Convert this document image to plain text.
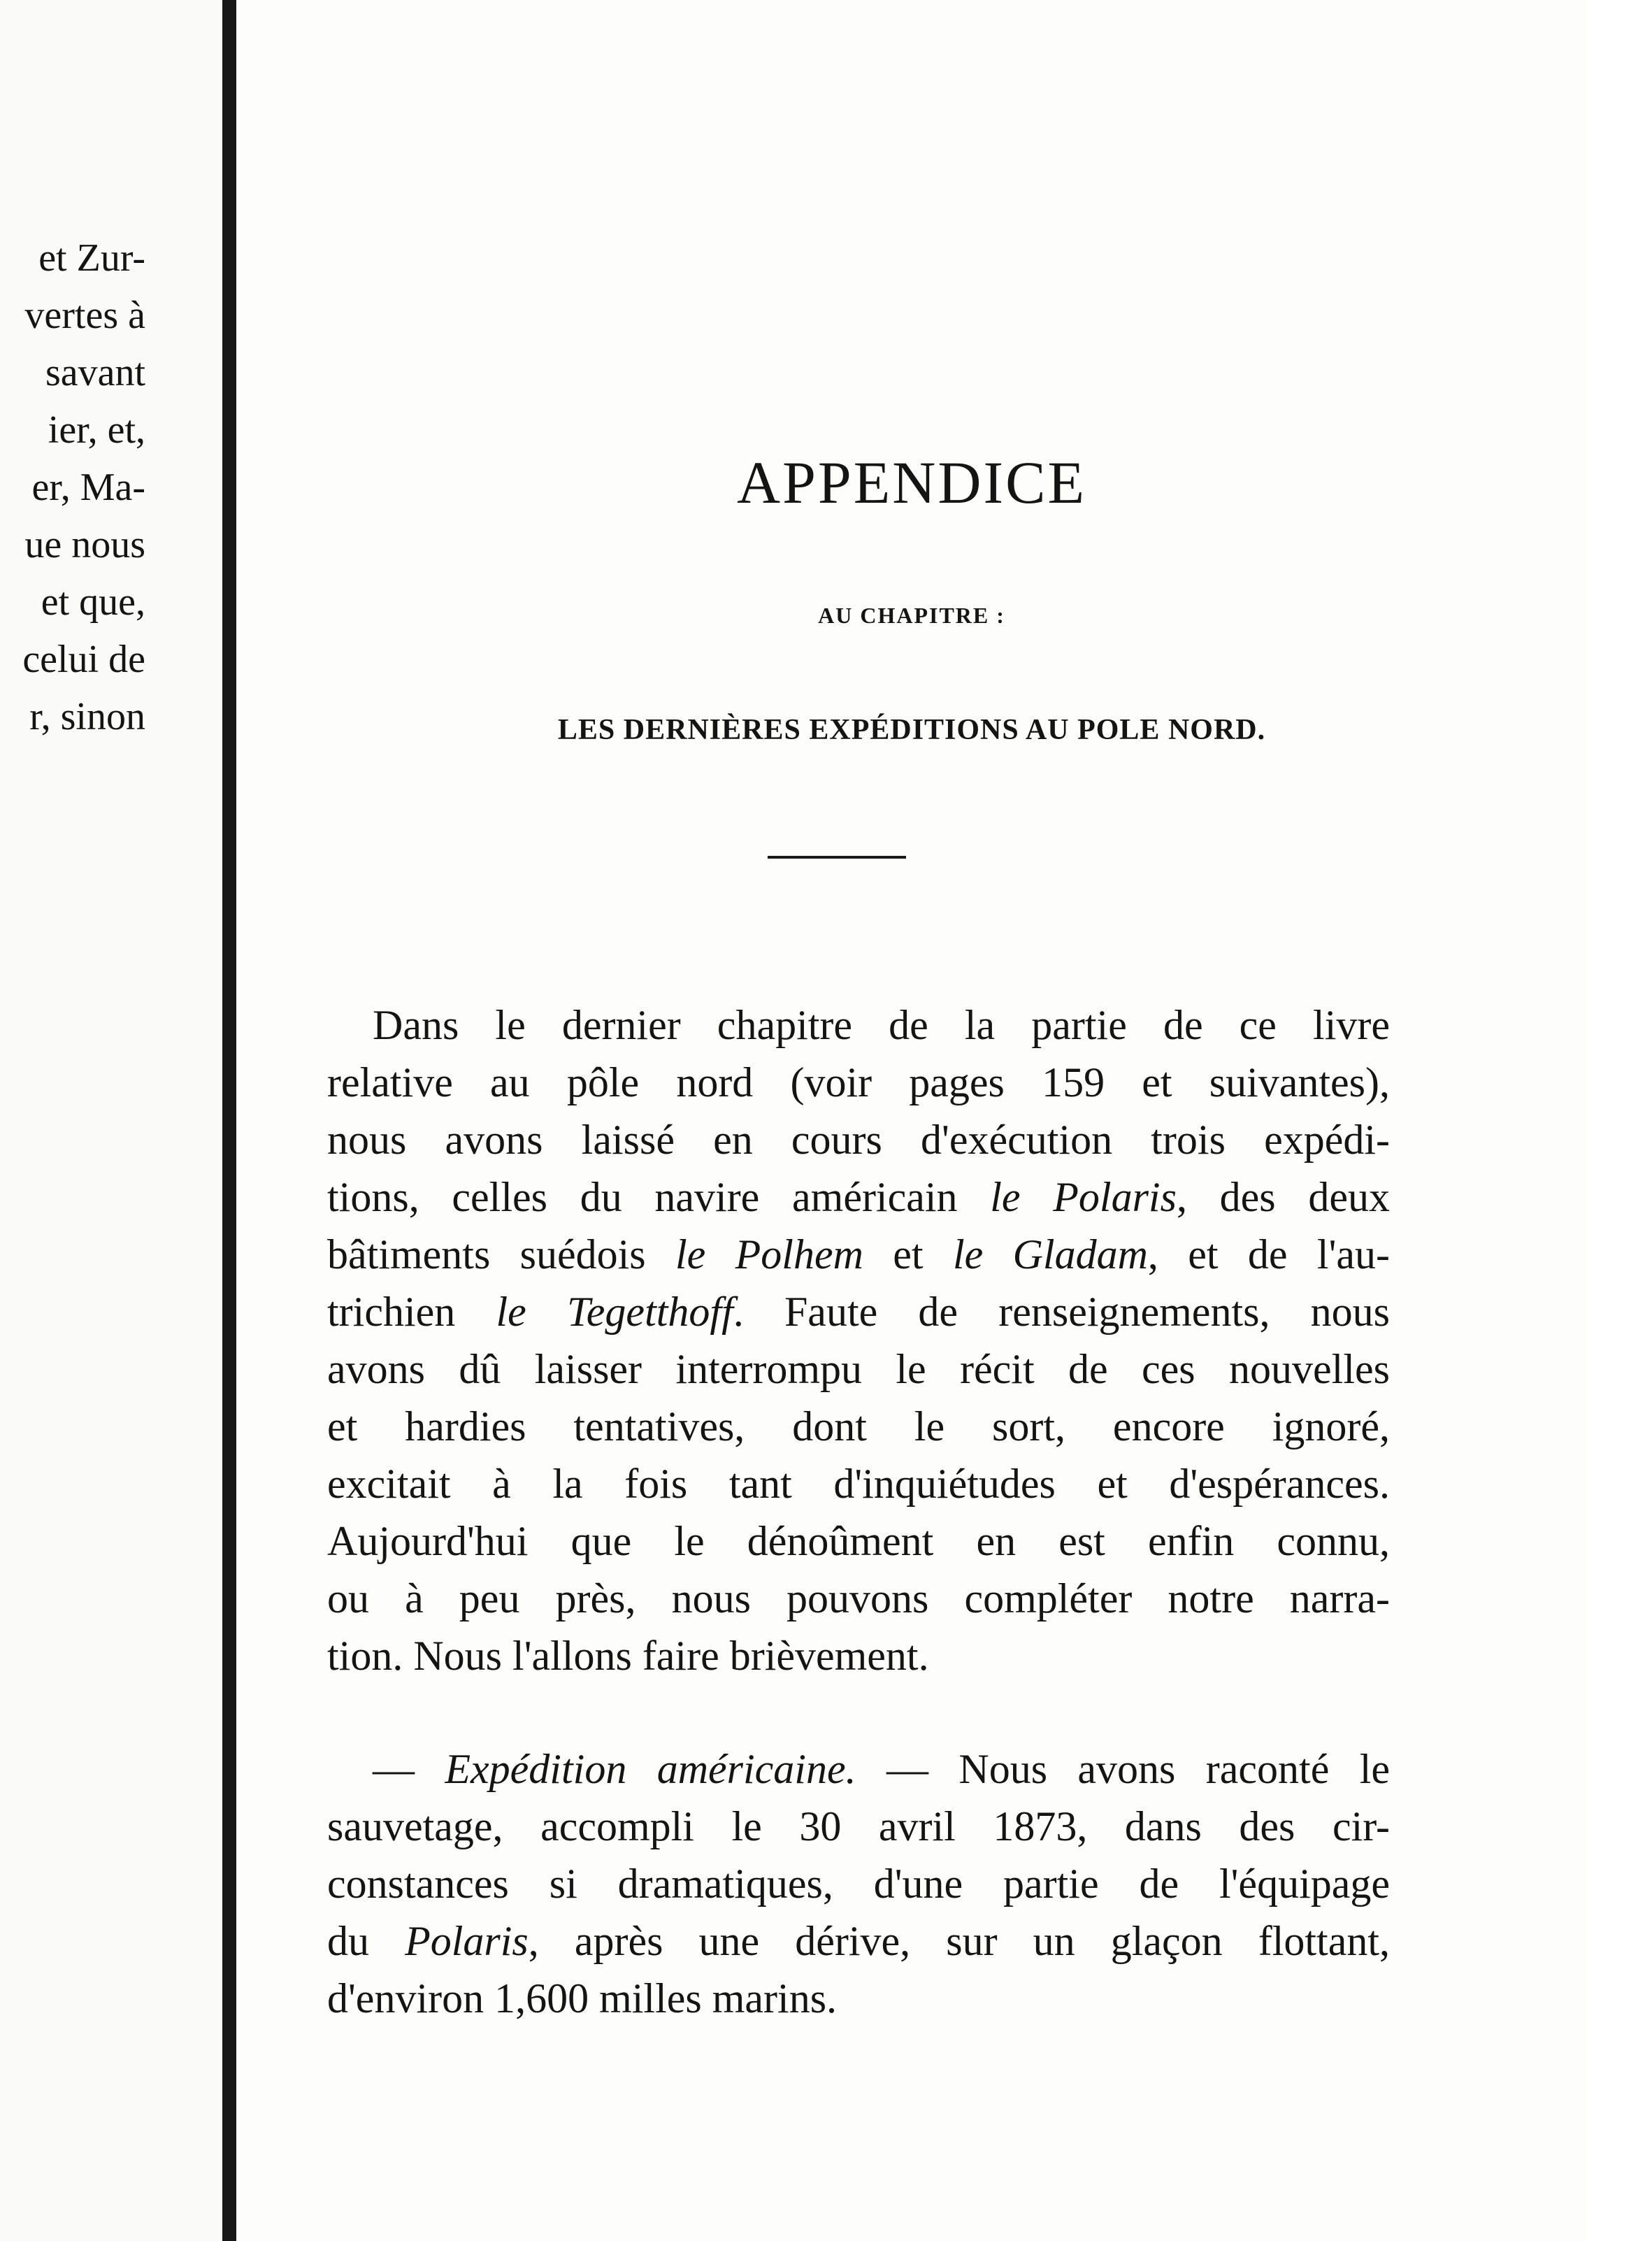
et Zur-
vertes à
savant
ier, et,
er, Ma-
ue nous
et que,
celui de
r, sinon
APPENDICE
AU CHAPITRE :
LES DERNIÈRES EXPÉDITIONS AU POLE NORD.

Dans le dernier chapitre de la partie de ce livre
relative au pôle nord (voir pages 159 et suivantes),
nous avons laissé en cours d'exécution trois expédi-
tions, celles du navire américain le Polaris, des deux
bâtiments suédois le Polhem et le Gladam, et de l'au-
trichien le Tegetthoff. Faute de renseignements, nous
avons dû laisser interrompu le récit de ces nouvelles
et hardies tentatives, dont le sort, encore ignoré,
excitait à la fois tant d'inquiétudes et d'espérances.
Aujourd'hui que le dénoûment en est enfin connu,
ou à peu près, nous pouvons compléter notre narra-
tion. Nous l'allons faire brièvement.

— Expédition américaine. — Nous avons raconté le
sauvetage, accompli le 30 avril 1873, dans des cir-
constances si dramatiques, d'une partie de l'équipage
du Polaris, après une dérive, sur un glaçon flottant,
d'environ 1,600 milles marins.
